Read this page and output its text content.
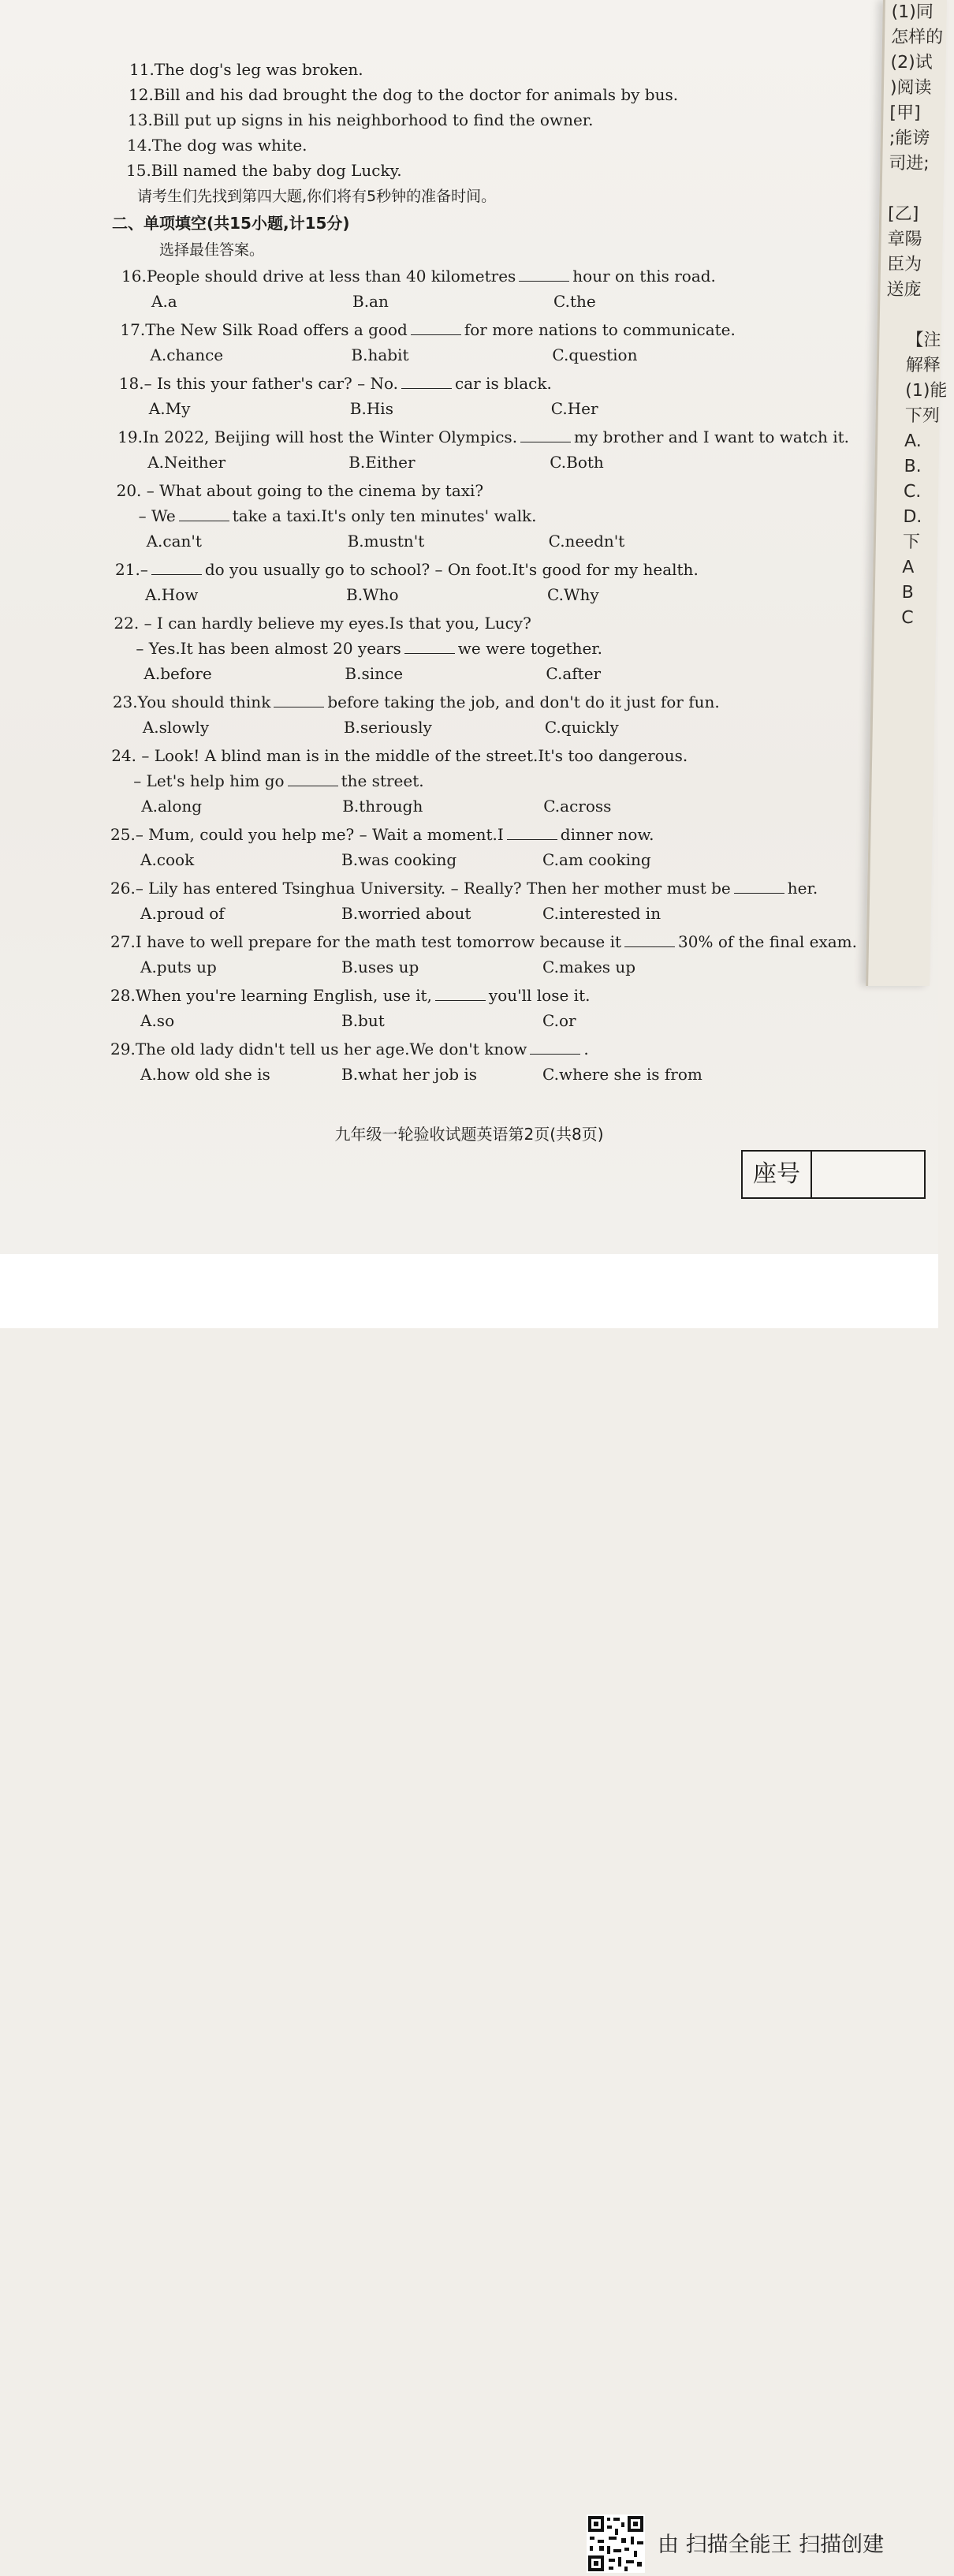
(1)同
怎样的
(2)试
)阅读
[甲]
;能谤
司进;
[乙]
章陽
臣为
送庞
【注
解释
(1)能
下列
A.
B.
C.
D.
下
A
B
C
11.The dog's leg was broken.
12.Bill and his dad brought the dog to the doctor for animals by bus.
13.Bill put up signs in his neighborhood to find the owner.
14.The dog was white.
15.Bill named the baby dog Lucky.
请考生们先找到第四大题,你们将有5秒钟的准备时间。
二、单项填空(共15小题,计15分)
选择最佳答案。
16.People should drive at less than 40 kilometres	hour on this road.
A.a	B.an	C.the
17.The New Silk Road offers a good	for more nations to communicate.
A.chance	B.habit	C.question
18.– Is this your father's car? – No.	car is black.
A.My	B.His	C.Her
19.In 2022, Beijing will host the Winter Olympics.	my brother and I want to watch it.
A.Neither	B.Either	C.Both
20. – What about going to the cinema by taxi?
– We	take a taxi.It's only ten minutes' walk.
A.can't	B.mustn't	C.needn't
21.–	do you usually go to school? – On foot.It's good for my health.
A.How	B.Who	C.Why
22. – I can hardly believe my eyes.Is that you, Lucy?
– Yes.It has been almost 20 years	we were together.
A.before	B.since	C.after
23.You should think	before taking the job, and don't do it just for fun.
A.slowly	B.seriously	C.quickly
24. – Look! A blind man is in the middle of the street.It's too dangerous.
– Let's help him go	the street.
A.along	B.through	C.across
25.– Mum, could you help me? – Wait a moment.I	dinner now.
A.cook	B.was cooking	C.am cooking
26.– Lily has entered Tsinghua University. – Really? Then her mother must be	her.
A.proud of	B.worried about	C.interested in
27.I have to well prepare for the math test tomorrow because it	30% of the final exam.
A.puts up	B.uses up	C.makes up
28.When you're learning English, use it,	you'll lose it.
A.so	B.but	C.or
29.The old lady didn't tell us her age.We don't know	.
A.how old she is	B.what her job is	C.where she is from
九年级一轮验收试题英语第2页(共8页)
座号
由 扫描全能王 扫描创建
